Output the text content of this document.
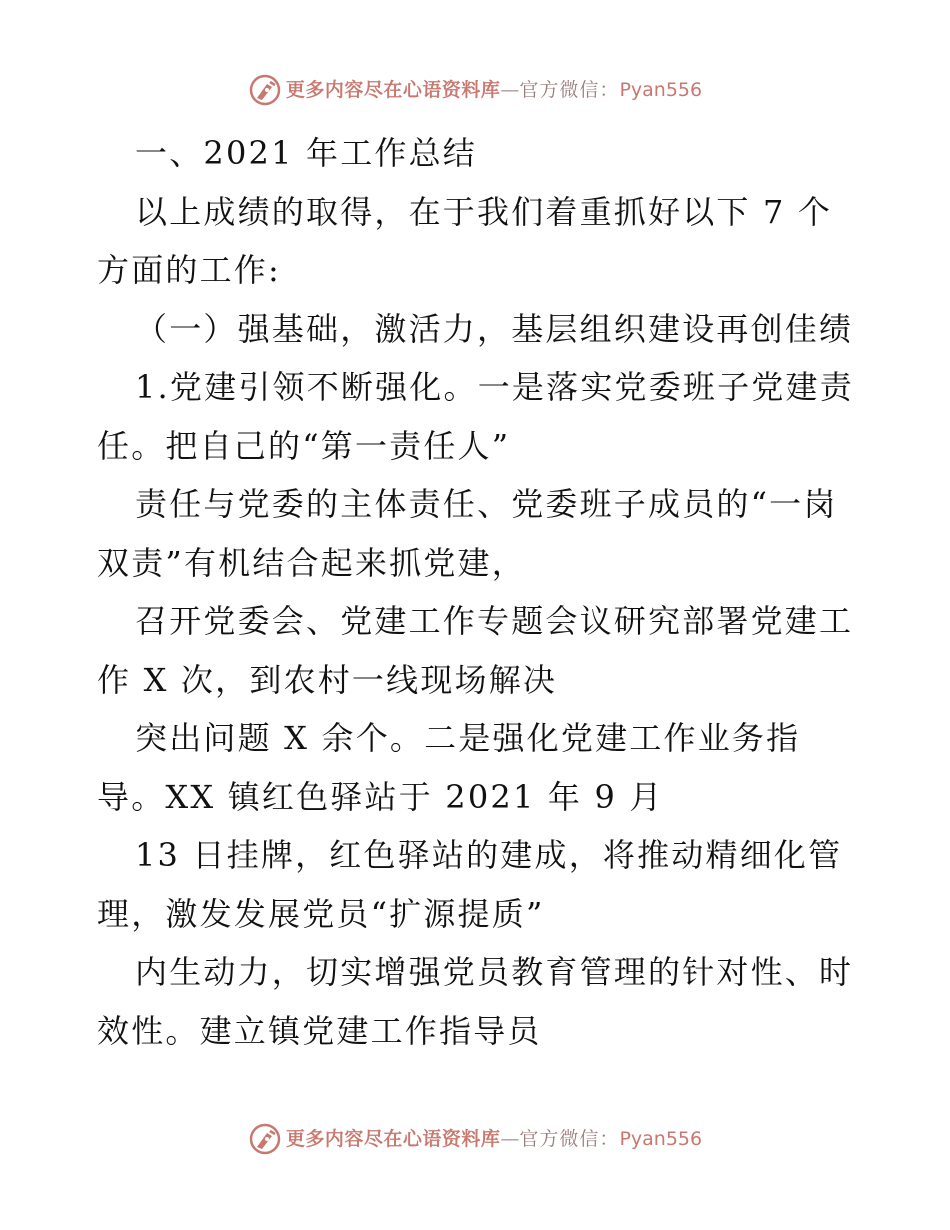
更多内容尽在心语资料库 — 官方微信： Pyan556
一、2021 年工作总结
以上成绩的取得，在于我们着重抓好以下 7 个
方面的工作:
（一）强基础，激活力，基层组织建设再创佳绩
1.党建引领不断强化。一是落实党委班子党建责
任。把自己的“第一责任人”
责任与党委的主体责任、党委班子成员的“一岗
双责”有机结合起来抓党建，
召开党委会、党建工作专题会议研究部署党建工
作 X 次，到农村一线现场解决
突出问题 X 余个。二是强化党建工作业务指
导。XX 镇红色驿站于 2021 年 9 月
13 日挂牌，红色驿站的建成，将推动精细化管
理，激发发展党员“扩源提质”
内生动力，切实增强党员教育管理的针对性、时
效性。建立镇党建工作指导员
更多内容尽在心语资料库 — 官方微信： Pyan556
